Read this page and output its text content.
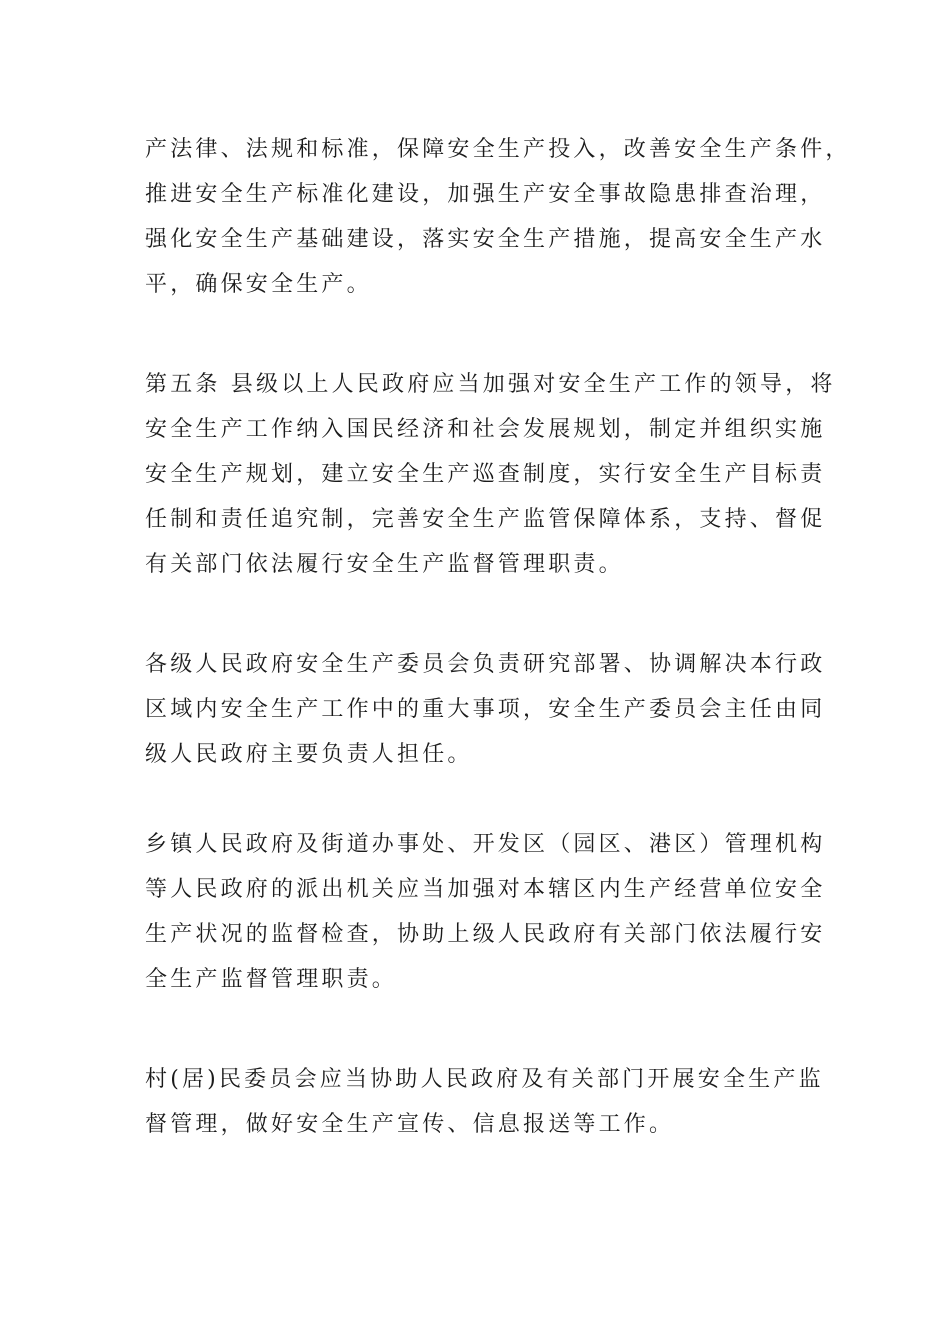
产法律、法规和标准，保障安全生产投入，改善安全生产条件，
推进安全生产标准化建设，加强生产安全事故隐患排查治理，
强化安全生产基础建设，落实安全生产措施，提高安全生产水
平，确保安全生产。
第五条 县级以上人民政府应当加强对安全生产工作的领导，将
安全生产工作纳入国民经济和社会发展规划，制定并组织实施
安全生产规划，建立安全生产巡查制度，实行安全生产目标责
任制和责任追究制，完善安全生产监管保障体系，支持、督促
有关部门依法履行安全生产监督管理职责。
各级人民政府安全生产委员会负责研究部署、协调解决本行政
区域内安全生产工作中的重大事项，安全生产委员会主任由同
级人民政府主要负责人担任。
乡镇人民政府及街道办事处、开发区（园区、港区）管理机构
等人民政府的派出机关应当加强对本辖区内生产经营单位安全
生产状况的监督检查，协助上级人民政府有关部门依法履行安
全生产监督管理职责。
村(居)民委员会应当协助人民政府及有关部门开展安全生产监
督管理，做好安全生产宣传、信息报送等工作。
